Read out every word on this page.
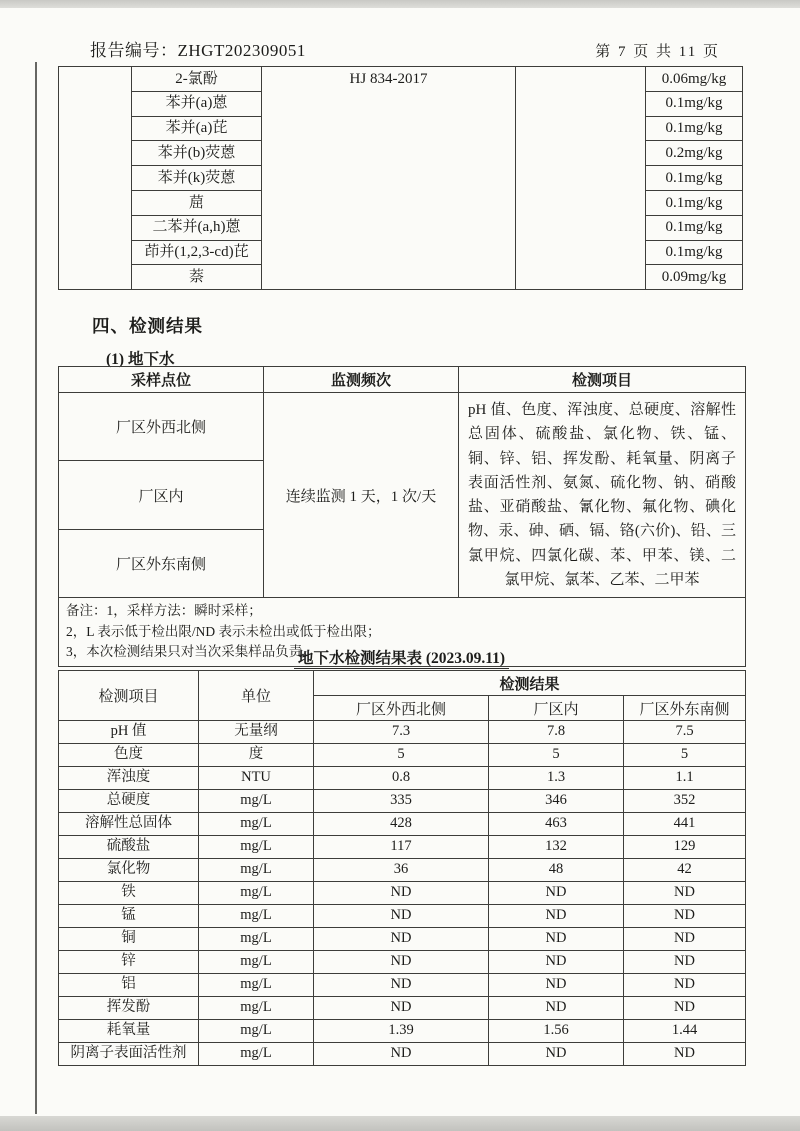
报告编号：ZHGT202309051	第 7 页 共 11 页
	2-氯酚	HJ 834-2017		0.06mg/kg
	苯并(a)蒽			0.1mg/kg
	苯并(a)芘			0.1mg/kg
	苯并(b)荧蒽			0.2mg/kg
	苯并(k)荧蒽			0.1mg/kg
	䓛			0.1mg/kg
	二苯并(a,h)蒽			0.1mg/kg
	茚并(1,2,3-cd)芘			0.1mg/kg
	萘			0.09mg/kg
四、检测结果
(1) 地下水
采样点位	监测频次	检测项目
厂区外西北侧	连续监测 1 天，1 次/天	pH 值、色度、浑浊度、总硬度、溶解性总固体、硫酸盐、氯化物、铁、锰、铜、锌、铝、挥发酚、耗氧量、阴离子表面活性剂、氨氮、硫化物、钠、硝酸盐、亚硝酸盐、氰化物、氟化物、碘化物、汞、砷、硒、镉、铬(六价)、铅、三氯甲烷、四氯化碳、苯、甲苯、镁、二氯甲烷、氯苯、乙苯、二甲苯
厂区内		
厂区外东南侧		

备注：1，采样方法：瞬时采样；
2，L 表示低于检出限/ND 表示未检出或低于检出限；
3，本次检测结果只对当次采集样品负责。		
地下水检测结果表 (2023.09.11)
检测项目	单位	检测结果		
		厂区外西北侧	厂区内	厂区外东南侧
pH 值	无量纲	7.3	7.8	7.5
色度	度	5	5	5
浑浊度	NTU	0.8	1.3	1.1
总硬度	mg/L	335	346	352
溶解性总固体	mg/L	428	463	441
硫酸盐	mg/L	117	132	129
氯化物	mg/L	36	48	42
铁	mg/L	ND	ND	ND
锰	mg/L	ND	ND	ND
铜	mg/L	ND	ND	ND
锌	mg/L	ND	ND	ND
铝	mg/L	ND	ND	ND
挥发酚	mg/L	ND	ND	ND
耗氧量	mg/L	1.39	1.56	1.44
阴离子表面活性剂	mg/L	ND	ND	ND
